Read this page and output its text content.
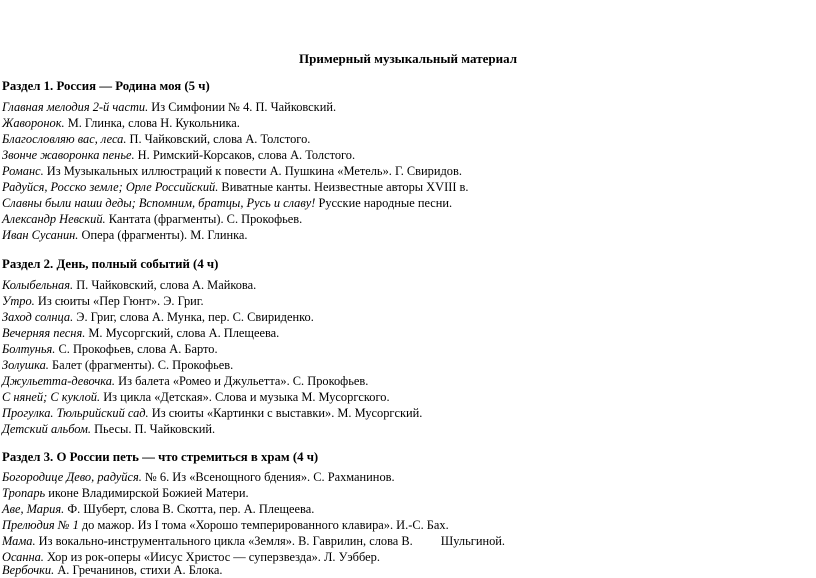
Примерный музыкальный материал
Раздел 1. Россия — Родина моя (5 ч)
Главная мелодия 2-й части. Из Симфонии № 4. П. Чайковский.
Жаворонок. М. Глинка, слова Н. Кукольника.
Благословляю вас, леса. П. Чайковский, слова А. Толстого.
Звонче жаворонка пенье. Н. Римский-Корсаков, слова А. Толстого.
Романс. Из Музыкальных иллюстраций к повести А. Пушкина «Метель». Г. Свиридов.
Радуйся, Росско земле; Орле Российский. Виватные канты. Неизвестные авторы XVIII в.
Славны были наши деды; Вспомним, братцы, Русь и славу! Русские народные песни.
Александр Невский. Кантата (фрагменты). С. Прокофьев.
Иван Сусанин. Опера (фрагменты). М. Глинка.
Раздел 2. День, полный событий (4 ч)
Колыбельная. П. Чайковский, слова А. Майкова.
Утро. Из сюиты «Пер Гюнт». Э. Григ.
Заход солнца. Э. Григ, слова А. Мунка, пер. С. Свириденко.
Вечерняя песня. М. Мусоргский, слова А. Плещеева.
Болтунья. С. Прокофьев, слова А. Барто.
Золушка. Балет (фрагменты). С. Прокофьев.
Джульетта-девочка. Из балета «Ромео и Джульетта». С. Прокофьев.
С няней; С куклой. Из цикла «Детская». Слова и музыка М. Мусоргского.
Прогулка. Тюльрийский сад. Из сюиты «Картинки с выставки». М. Мусоргский.
Детский альбом. Пьесы. П. Чайковский.
Раздел 3. О России петь — что стремиться в храм (4 ч)
Богородице Дево, радуйся. № 6. Из «Всенощного бдения». С. Рахманинов.
Тропарь иконе Владимирской Божией Матери.
Аве, Мария. Ф. Шуберт, слова В. Скотта, пер. А. Плещеева.
Прелюдия № 1 до мажор. Из I тома «Хорошо темперированного клавира». И.-С. Бах.
Мама. Из вокально-инструментального цикла «Земля». В. Гаврилин, слова В. Шульгиной.
Осанна. Хор из рок-оперы «Иисус Христос — суперзвезда». Л. Уэббер.
Вербочки. А. Гречанинов, стихи А. Блока.
